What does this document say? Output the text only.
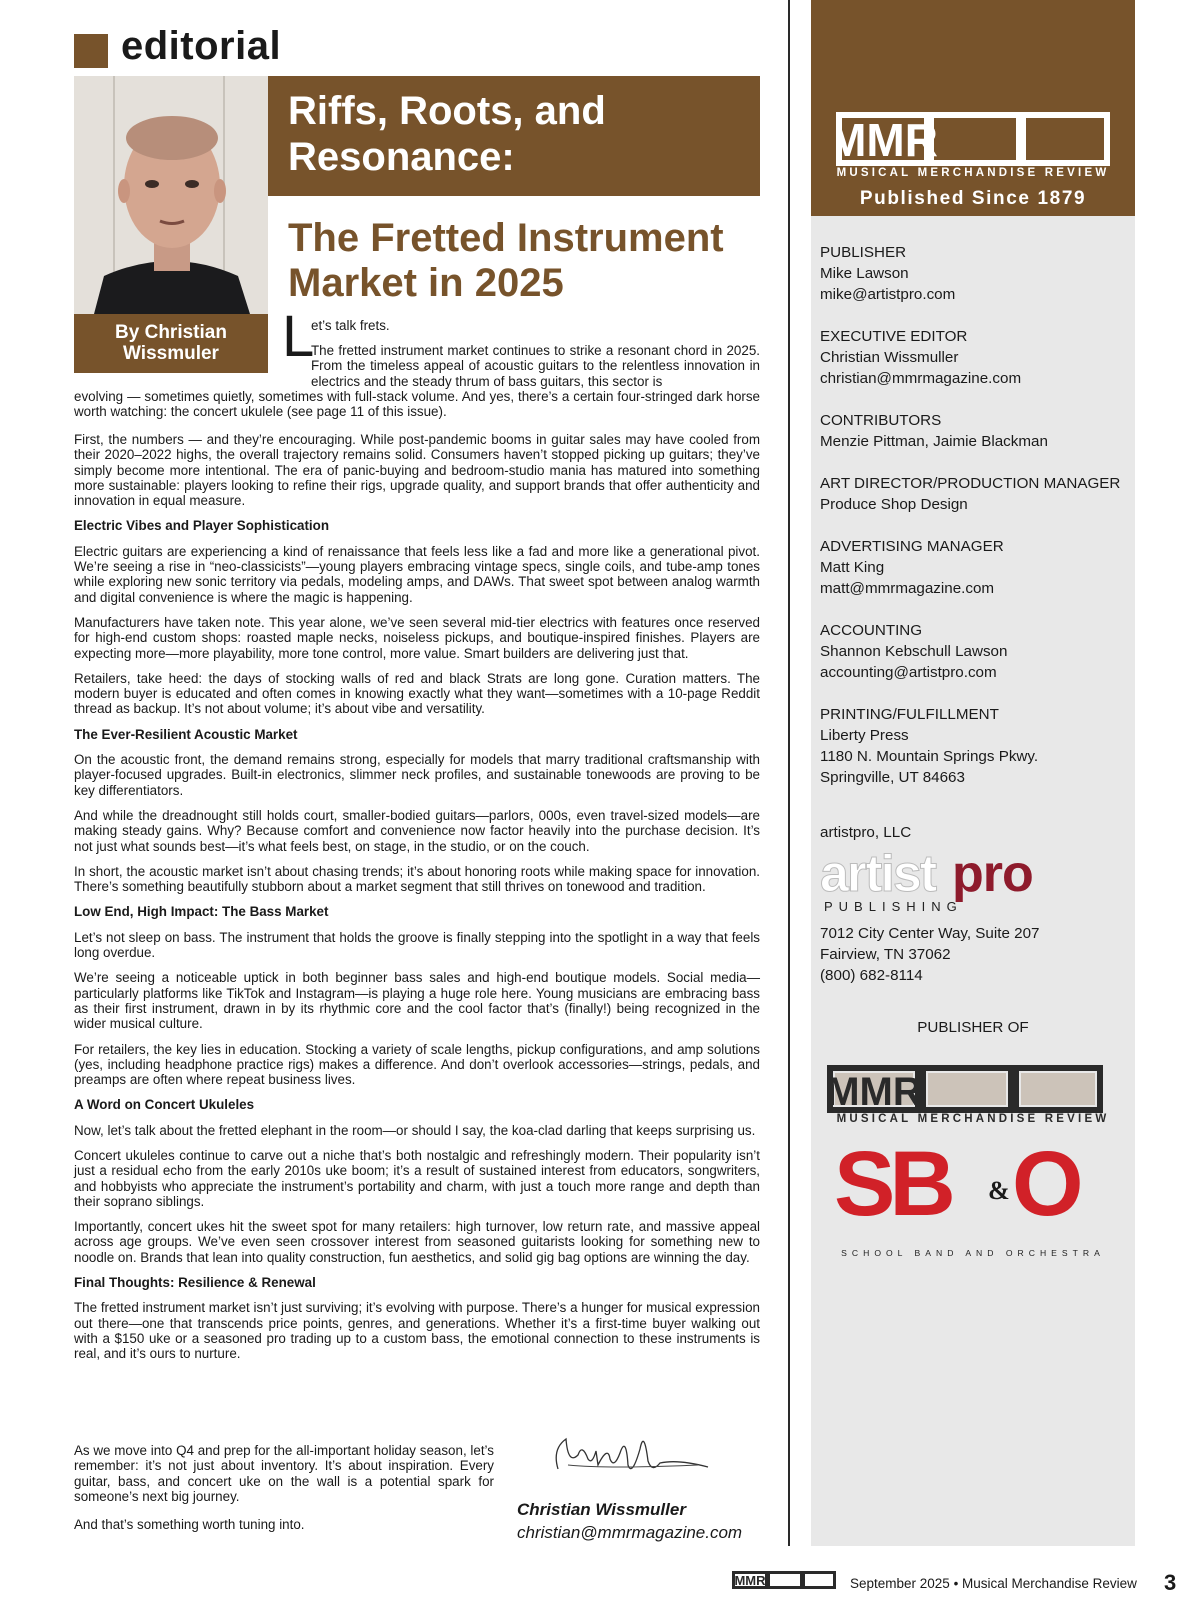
editorial
By Christian
Wissmuler
Riffs, Roots, and
Resonance:
The Fretted Instrument
Market in 2025
L
et’s talk frets.
The fretted instrument market continues to strike a resonant chord in 2025. From the timeless appeal of acoustic guitars to the relentless innovation in electrics and the steady thrum of bass guitars, this sector is
evolving — sometimes quietly, sometimes with full-stack volume. And yes, there’s a certain four-stringed dark horse worth watching: the concert ukulele (see page 11 of this issue).

First, the numbers — and they’re encouraging. While post-pandemic booms in guitar sales may have cooled from their 2020–2022 highs, the overall trajectory remains solid. Consumers haven’t stopped picking up guitars; they’ve simply become more intentional. The era of panic-buying and bedroom-studio mania has matured into something more sustainable: players looking to refine their rigs, upgrade quality, and support brands that offer authenticity and innovation in equal measure.

Electric Vibes and Player Sophistication

Electric guitars are experiencing a kind of renaissance that feels less like a fad and more like a generational pivot. We’re seeing a rise in “neo-classicists”—young players embracing vintage specs, single coils, and tube-amp tones while exploring new sonic territory via pedals, modeling amps, and DAWs. That sweet spot between analog warmth and digital convenience is where the magic is happening.

Manufacturers have taken note. This year alone, we’ve seen several mid-tier electrics with features once reserved for high-end custom shops: roasted maple necks, noiseless pickups, and boutique-inspired finishes. Players are expecting more—more playability, more tone control, more value. Smart builders are delivering just that.

Retailers, take heed: the days of stocking walls of red and black Strats are long gone. Curation matters. The modern buyer is educated and often comes in knowing exactly what they want—sometimes with a 10-page Reddit thread as backup. It’s not about volume; it’s about vibe and versatility.

The Ever-Resilient Acoustic Market

On the acoustic front, the demand remains strong, especially for models that marry traditional craftsmanship with player-focused upgrades. Built-in electronics, slimmer neck profiles, and sustainable tonewoods are proving to be key differentiators.

And while the dreadnought still holds court, smaller-bodied guitars—parlors, 000s, even travel-sized models—are making steady gains. Why? Because comfort and convenience now factor heavily into the purchase decision. It’s not just what sounds best—it’s what feels best, on stage, in the studio, or on the couch.

In short, the acoustic market isn’t about chasing trends; it’s about honoring roots while making space for innovation. There’s something beautifully stubborn about a market segment that still thrives on tonewood and tradition.

Low End, High Impact: The Bass Market

Let’s not sleep on bass. The instrument that holds the groove is finally stepping into the spotlight in a way that feels long overdue.

We’re seeing a noticeable uptick in both beginner bass sales and high-end boutique models. Social media—particularly platforms like TikTok and Instagram—is playing a huge role here. Young musicians are embracing bass as their first instrument, drawn in by its rhythmic core and the cool factor that’s (finally!) being recognized in the wider musical culture.

For retailers, the key lies in education. Stocking a variety of scale lengths, pickup configurations, and amp solutions (yes, including headphone practice rigs) makes a difference. And don’t overlook accessories—strings, pedals, and preamps are often where repeat business lives.

A Word on Concert Ukuleles

Now, let’s talk about the fretted elephant in the room—or should I say, the koa-clad darling that keeps surprising us.

Concert ukuleles continue to carve out a niche that’s both nostalgic and refreshingly modern. Their popularity isn’t just a residual echo from the early 2010s uke boom; it’s a result of sustained interest from educators, songwriters, and hobbyists who appreciate the instrument’s portability and charm, with just a touch more range and depth than their soprano siblings.

Importantly, concert ukes hit the sweet spot for many retailers: high turnover, low return rate, and massive appeal across age groups. We’ve even seen crossover interest from seasoned guitarists looking for something new to noodle on. Brands that lean into quality construction, fun aesthetics, and solid gig bag options are winning the day.

Final Thoughts: Resilience & Renewal

The fretted instrument market isn’t just surviving; it’s evolving with purpose. There’s a hunger for musical expression out there—one that transcends price points, genres, and generations. Whether it’s a first-time buyer walking out with a $150 uke or a seasoned pro trading up to a custom bass, the emotional connection to these instruments is real, and it’s ours to nurture.

As we move into Q4 and prep for the all-important holiday season, let’s remember: it’s not just about inventory. It’s about inspiration. Every guitar, bass, and concert uke on the wall is a potential spark for someone’s next big journey.
And that’s something worth tuning into.
Christian Wissmuller
christian@mmrmagazine.com
MMR
MUSICAL MERCHANDISE REVIEW
Published Since 1879
PUBLISHER
Mike Lawson
mike@artistpro.com
EXECUTIVE EDITOR
Christian Wissmuller
christian@mmrmagazine.com
CONTRIBUTORS
Menzie Pittman, Jaimie Blackman
ART DIRECTOR/PRODUCTION MANAGER
Produce Shop Design
ADVERTISING MANAGER
Matt King
matt@mmrmagazine.com
ACCOUNTING
Shannon Kebschull Lawson
accounting@artistpro.com
PRINTING/FULFILLMENT
Liberty Press
1180 N. Mountain Springs Pkwy.
Springville, UT 84663
artistpro, LLC
artist pro
PUBLISHING
7012 City Center Way, Suite 207
Fairview, TN 37062
(800) 682-8114
PUBLISHER OF
MMR
MUSICAL MERCHANDISE REVIEW
SB O
&
SCHOOL BAND AND ORCHESTRA
MMR	September 2025 • Musical Merchandise Review 3
